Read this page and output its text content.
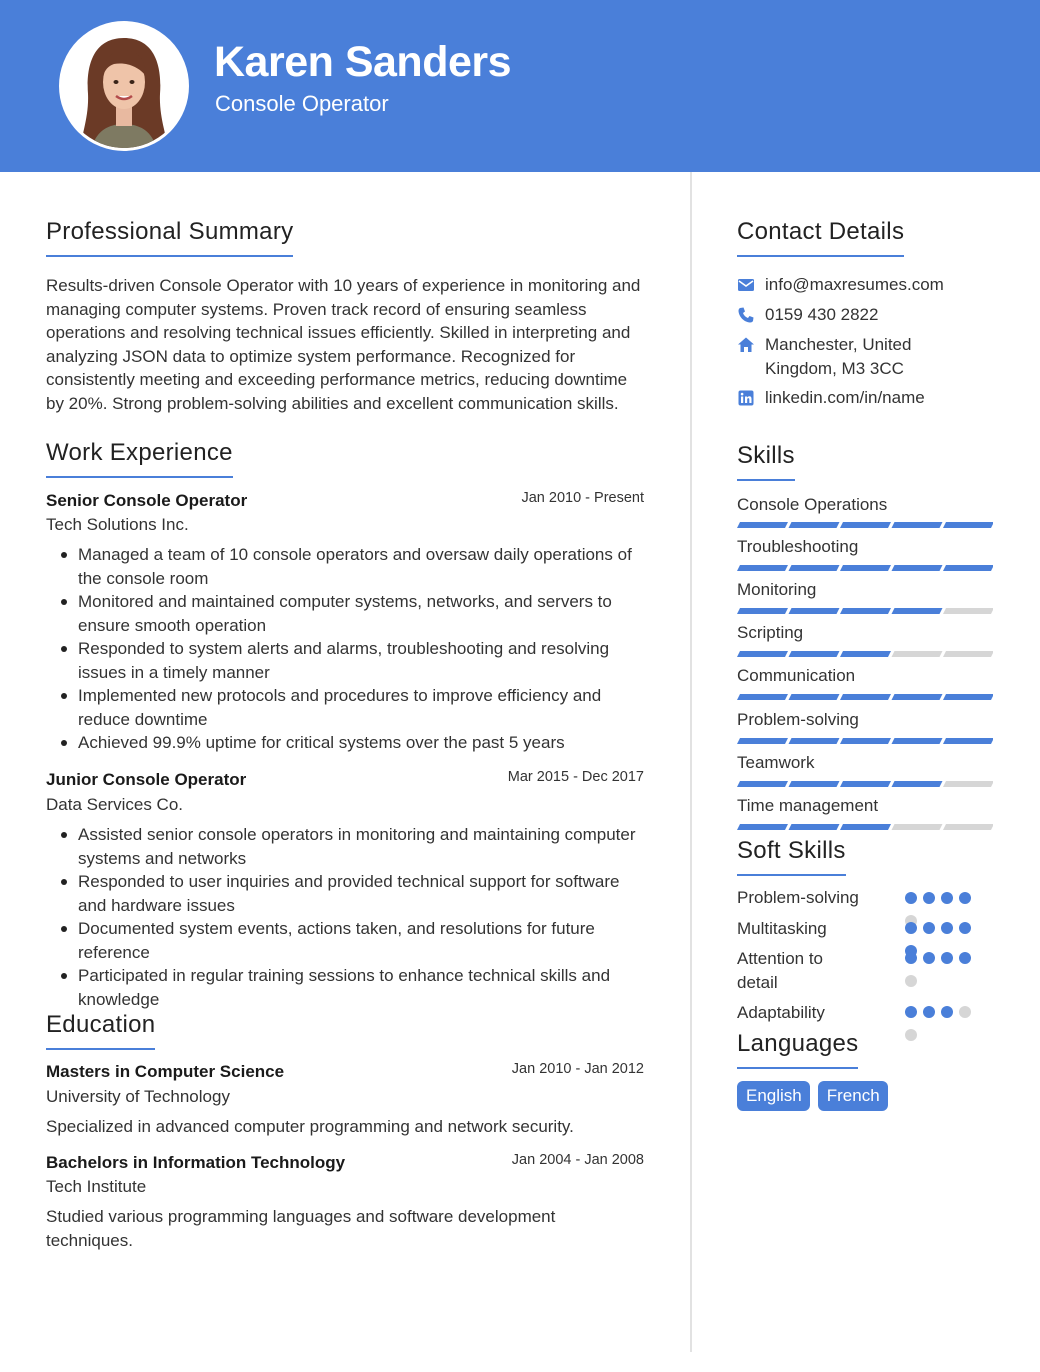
Karen Sanders
Console Operator
Professional Summary
Results-driven Console Operator with 10 years of experience in monitoring and managing computer systems. Proven track record of ensuring seamless operations and resolving technical issues efficiently. Skilled in interpreting and analyzing JSON data to optimize system performance. Recognized for consistently meeting and exceeding performance metrics, reducing downtime by 20%. Strong problem-solving abilities and excellent communication skills.
Work Experience
Senior Console Operator	Jan 2010 - Present
Tech Solutions Inc.
Managed a team of 10 console operators and oversaw daily operations of the console room
Monitored and maintained computer systems, networks, and servers to ensure smooth operation
Responded to system alerts and alarms, troubleshooting and resolving issues in a timely manner
Implemented new protocols and procedures to improve efficiency and reduce downtime
Achieved 99.9% uptime for critical systems over the past 5 years
Junior Console Operator	Mar 2015 - Dec 2017
Data Services Co.
Assisted senior console operators in monitoring and maintaining computer systems and networks
Responded to user inquiries and provided technical support for software and hardware issues
Documented system events, actions taken, and resolutions for future reference
Participated in regular training sessions to enhance technical skills and knowledge
Education
Masters in Computer Science	Jan 2010 - Jan 2012
University of Technology
Specialized in advanced computer programming and network security.
Bachelors in Information Technology	Jan 2004 - Jan 2008
Tech Institute
Studied various programming languages and software development techniques.
Contact Details
info@maxresumes.com
0159 430 2822
Manchester, United Kingdom, M3 3CC
linkedin.com/in/name
Skills
Console Operations
Troubleshooting
Monitoring
Scripting
Communication
Problem-solving
Teamwork
Time management
Soft Skills
Problem-solving
Multitasking
Attention to detail
Adaptability
Languages
English	French
